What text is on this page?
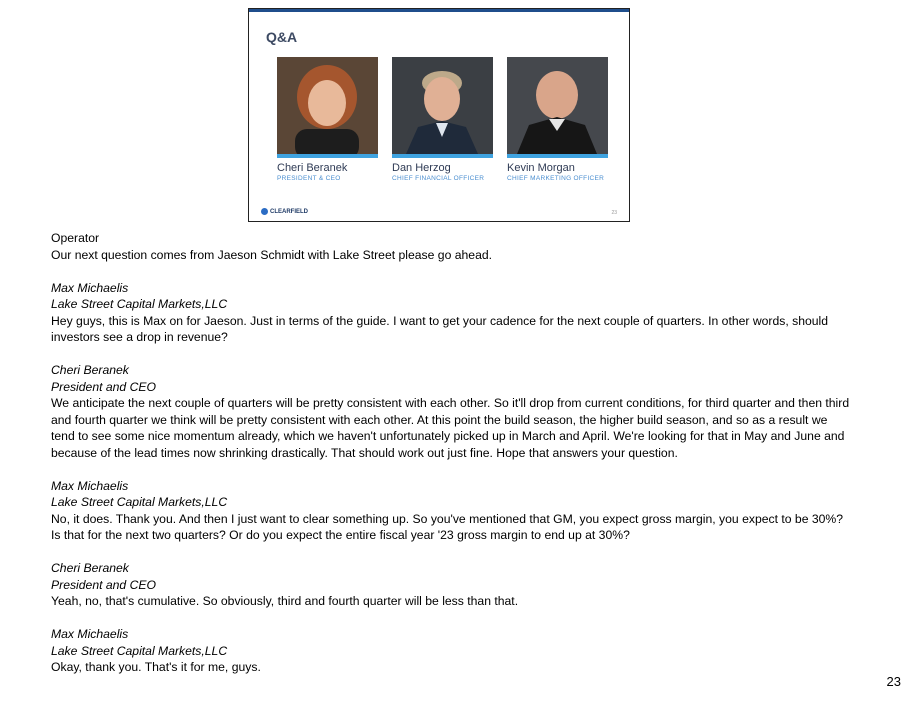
Q&A
Cheri Beranek
PRESIDENT & CEO
Dan Herzog
CHIEF FINANCIAL OFFICER
Kevin Morgan
CHIEF MARKETING OFFICER
CLEARFIELD	23

Operator

Our next question comes from Jaeson Schmidt with Lake Street please go ahead.

Max Michaelis

Lake Street Capital Markets,LLC

Hey guys, this is Max on for Jaeson. Just in terms of the guide. I want to get your cadence for the next couple of quarters. In other words, should investors see a drop in revenue?

Cheri Beranek

President and CEO

We anticipate the next couple of quarters will be pretty consistent with each other. So it'll drop from current conditions, for third quarter and then third and fourth quarter we think will be pretty consistent with each other. At this point the build season, the higher build season, and so as a result we tend to see some nice momentum already, which we haven't unfortunately picked up in March and April. We're looking for that in May and June and because of the lead times now shrinking drastically. That should work out just fine. Hope that answers your question.

Max Michaelis

Lake Street Capital Markets,LLC

No, it does. Thank you. And then I just want to clear something up. So you've mentioned that GM, you expect gross margin, you expect to be 30%? Is that for the next two quarters? Or do you expect the entire fiscal year '23 gross margin to end up at 30%?

Cheri Beranek

President and CEO

Yeah, no, that's cumulative. So obviously, third and fourth quarter will be less than that.

Max Michaelis

Lake Street Capital Markets,LLC

Okay, thank you. That's it for me, guys.

23
